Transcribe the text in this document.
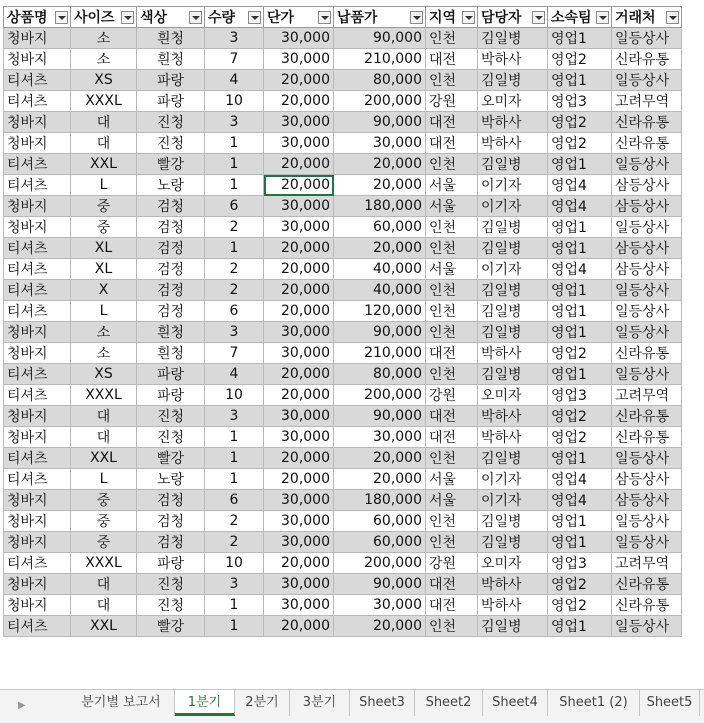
상품명	사이즈	색상	수량	단가	납품가	지역	담당자	소속팀	거래처

청바지	소	흰청	3	30,000	90,000	인천	김일병	영업1	일등상사
청바지	소	흰청	7	30,000	210,000	대전	박하사	영업2	신라유통
티셔츠	XS	파랑	4	20,000	80,000	인천	김일병	영업1	일등상사
티셔츠	XXXL	파랑	10	20,000	200,000	강원	오미자	영업3	고려무역
청바지	대	진청	3	30,000	90,000	대전	박하사	영업2	신라유통
청바지	대	진청	1	30,000	30,000	대전	박하사	영업2	신라유통
티셔츠	XXL	빨강	1	20,000	20,000	인천	김일병	영업1	일등상사
티셔츠	L	노랑	1	20,000	20,000	서울	이기자	영업4	삼등상사
청바지	중	검청	6	30,000	180,000	서울	이기자	영업4	삼등상사
청바지	중	검청	2	30,000	60,000	인천	김일병	영업1	일등상사
티셔츠	XL	검정	1	20,000	20,000	인천	김일병	영업1	삼등상사
티셔츠	XL	검정	2	20,000	40,000	서울	이기자	영업4	삼등상사
티셔츠	X	검정	2	20,000	40,000	인천	김일병	영업1	일등상사
티셔츠	L	검정	6	20,000	120,000	인천	김일병	영업1	일등상사
청바지	소	흰청	3	30,000	90,000	인천	김일병	영업1	일등상사
청바지	소	흰청	7	30,000	210,000	대전	박하사	영업2	신라유통
티셔츠	XS	파랑	4	20,000	80,000	인천	김일병	영업1	일등상사
티셔츠	XXXL	파랑	10	20,000	200,000	강원	오미자	영업3	고려무역
청바지	대	진청	3	30,000	90,000	대전	박하사	영업2	신라유통
청바지	대	진청	1	30,000	30,000	대전	박하사	영업2	신라유통
티셔츠	XXL	빨강	1	20,000	20,000	인천	김일병	영업1	일등상사
티셔츠	L	노랑	1	20,000	20,000	서울	이기자	영업4	삼등상사
청바지	중	검청	6	30,000	180,000	서울	이기자	영업4	삼등상사
청바지	중	검청	2	30,000	60,000	인천	김일병	영업1	일등상사
청바지	중	검청	2	30,000	60,000	인천	김일병	영업1	일등상사
티셔츠	XXXL	파랑	10	20,000	200,000	강원	오미자	영업3	고려무역
청바지	대	진청	3	30,000	90,000	대전	박하사	영업2	신라유통
청바지	대	진청	1	30,000	30,000	대전	박하사	영업2	신라유통
티셔츠	XXL	빨강	1	20,000	20,000	인천	김일병	영업1	일등상사
▶	분기별 보고서	1분기	2분기	3분기	Sheet3	Sheet2	Sheet4	Sheet1 (2)	Sheet5
